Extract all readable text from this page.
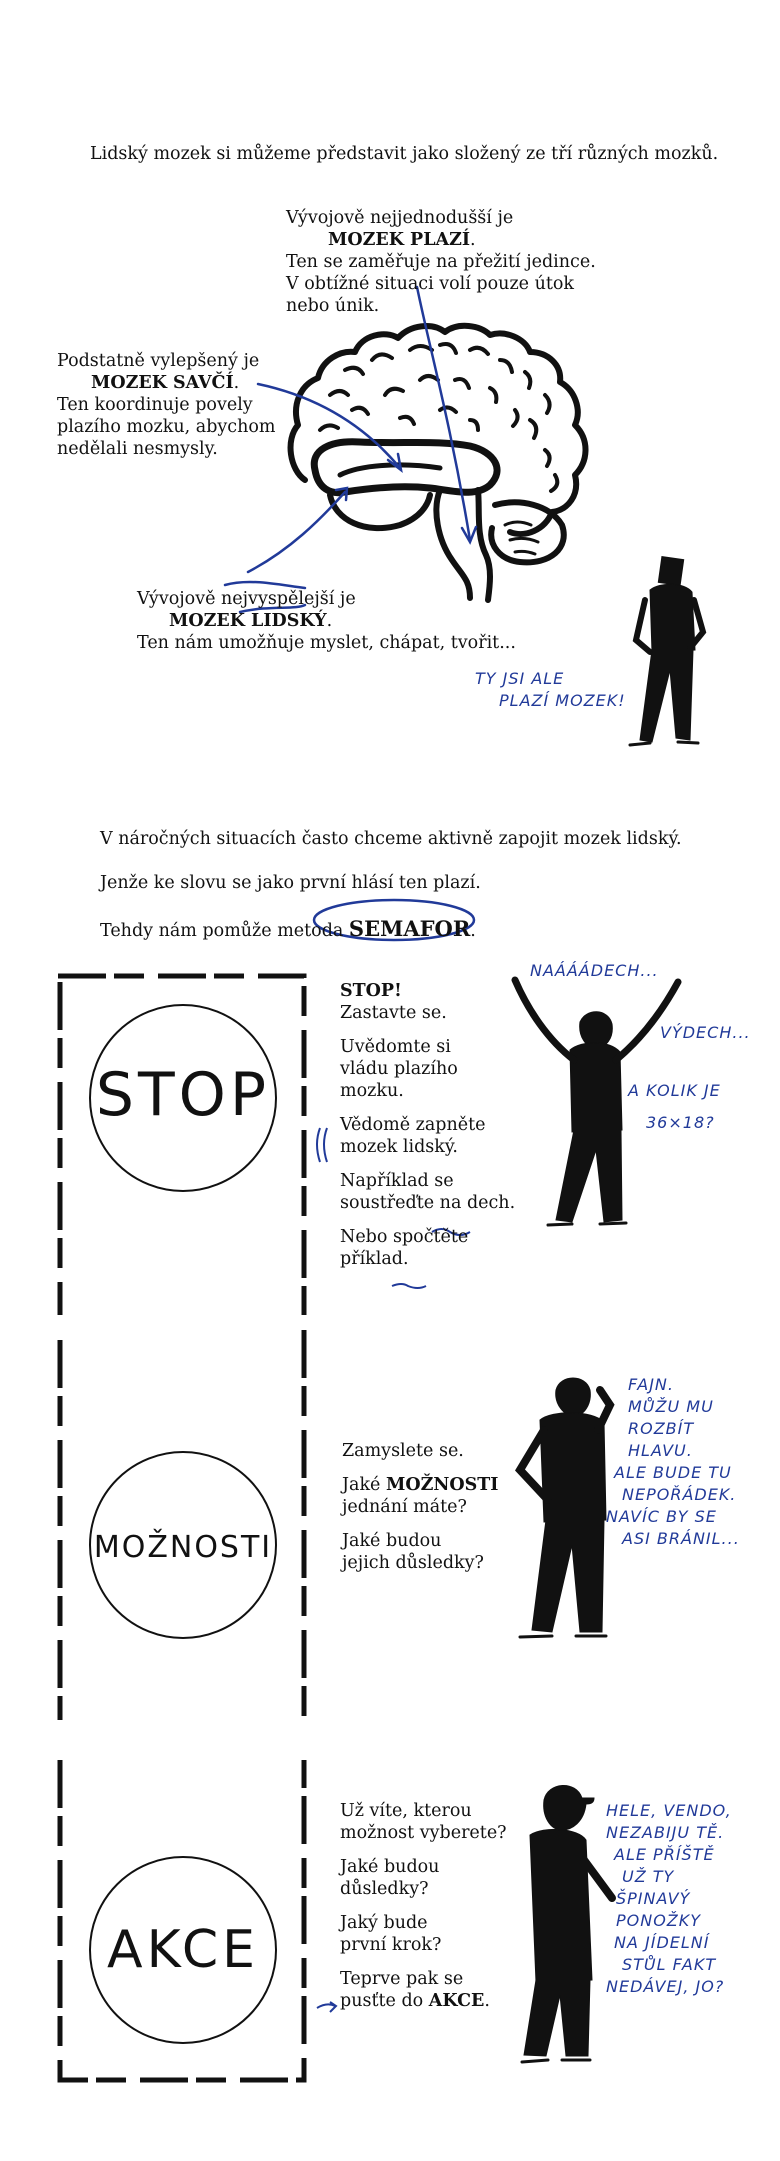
Lidský mozek si můžeme představit jako složený ze tří různých mozků.

Vývojově nejjednodušší je

MOZEK PLAZÍ.

Ten se zaměřuje na přežití jedince.

V obtížné situaci volí pouze útok

nebo únik.

Podstatně vylepšený je

MOZEK SAVČÍ.

Ten koordinuje povely

plazího mozku, abychom

nedělali nesmysly.

Vývojově nejvyspělejší je

MOZEK LIDSKÝ.

Ten nám umožňuje myslet, chápat, tvořit...

TY JSI ALE

PLAZÍ MOZEK!

V náročných situacích často chceme aktivně zapojit mozek lidský.

Jenže ke slovu se jako první hlásí ten plazí.

Tehdy nám pomůže metoda SEMAFOR.

STOP

STOP!

Zastavte se.

Uvědomte si

vládu plazího

mozku.

Vědomě zapněte

mozek lidský.

Například se

soustřeďte na dech.

Nebo spočtěte

příklad.

NAÁÁÁDECH...

VÝDECH...

A KOLIK JE

36×18?

MOŽNOSTI

Zamyslete se.

Jaké MOŽNOSTI

jednání máte?

Jaké budou

jejich důsledky?

FAJN.

MŮŽU MU

ROZBÍT

HLAVU.

ALE BUDE TU

NEPOŘÁDEK.

NAVÍC BY SE

ASI BRÁNIL...

AKCE

Už víte, kterou

možnost vyberete?

Jaké budou

důsledky?

Jaký bude

první krok?

Teprve pak se

pusťte do AKCE.

HELE, VENDO,

NEZABIJU TĚ.

ALE PŘÍŠTĚ

UŽ TY

ŠPINAVÝ

PONOŽKY

NA JÍDELNÍ

STŮL FAKT

NEDÁVEJ, JO?
